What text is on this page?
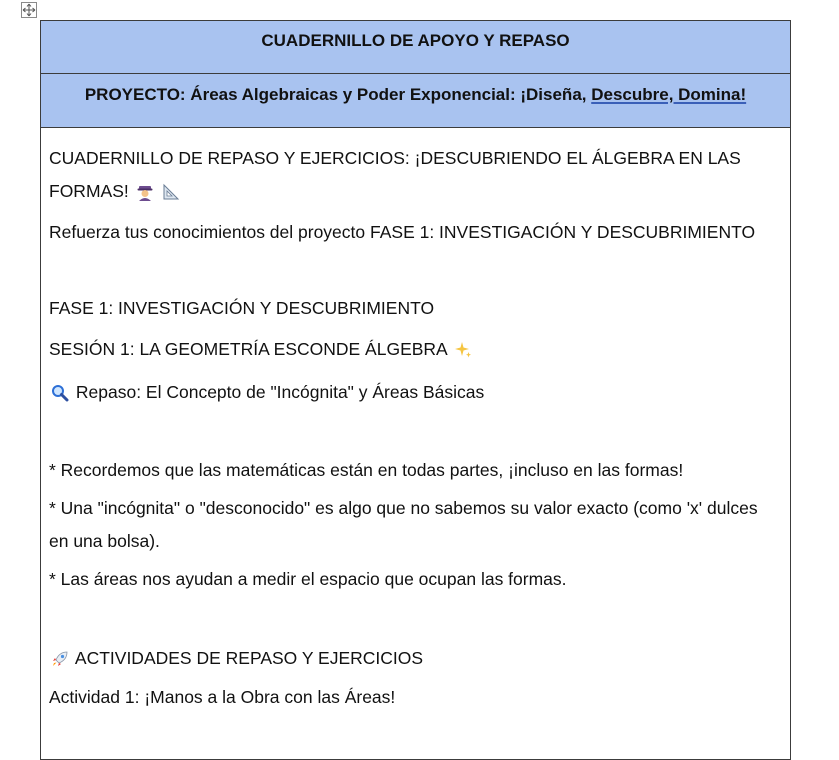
CUADERNILLO DE APOYO Y REPASO
PROYECTO: Áreas Algebraicas y Poder Exponencial: ¡Diseña, Descubre, Domina!

CUADERNILLO DE REPASO Y EJERCICIOS: ¡DESCUBRIENDO EL ÁLGEBRA EN LAS

FORMAS!

Refuerza tus conocimientos del proyecto FASE 1: INVESTIGACIÓN Y DESCUBRIMIENTO

FASE 1: INVESTIGACIÓN Y DESCUBRIMIENTO

SESIÓN 1: LA GEOMETRÍA ESCONDE ÁLGEBRA

Repaso: El Concepto de "Incógnita" y Áreas Básicas

* Recordemos que las matemáticas están en todas partes, ¡incluso en las formas!

* Una "incógnita" o "desconocido" es algo que no sabemos su valor exacto (como 'x' dulces

en una bolsa).

* Las áreas nos ayudan a medir el espacio que ocupan las formas.

ACTIVIDADES DE REPASO Y EJERCICIOS

Actividad 1: ¡Manos a la Obra con las Áreas!
